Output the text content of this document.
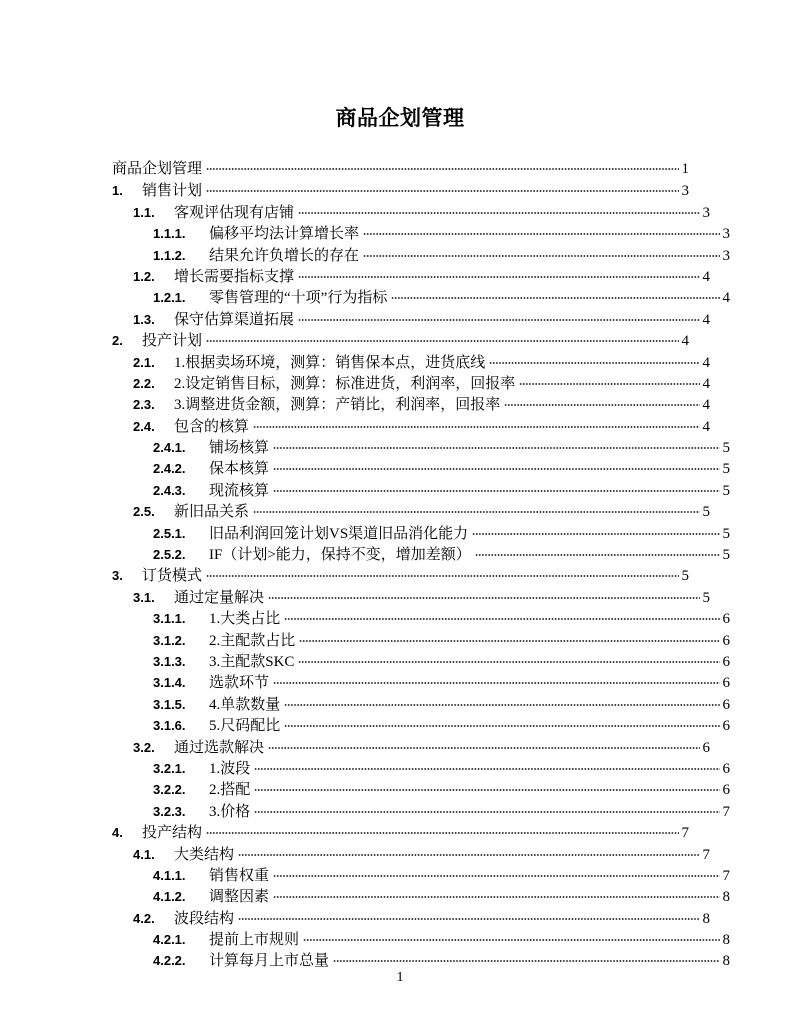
商品企划管理
商品企划管理	1
1.	销售计划	3
1.1.	客观评估现有店铺	3
1.1.1.	偏移平均法计算增长率	3
1.1.2.	结果允许负增长的存在	3
1.2.	增长需要指标支撑	4
1.2.1.	零售管理的“十项”行为指标	4
1.3.	保守估算渠道拓展	4
2.	投产计划	4
2.1.	1.根据卖场环境，测算：销售保本点，进货底线	4
2.2.	2.设定销售目标，测算：标准进货，利润率，回报率	4
2.3.	3.调整进货金额，测算：产销比，利润率，回报率	4
2.4.	包含的核算	4
2.4.1.	铺场核算	5
2.4.2.	保本核算	5
2.4.3.	现流核算	5
2.5.	新旧品关系	5
2.5.1.	旧品利润回笼计划VS渠道旧品消化能力	5
2.5.2.	IF（计划>能力，保持不变，增加差额）	5
3.	订货模式	5
3.1.	通过定量解决	5
3.1.1.	1.大类占比	6
3.1.2.	2.主配款占比	6
3.1.3.	3.主配款SKC	6
3.1.4.	选款环节	6
3.1.5.	4.单款数量	6
3.1.6.	5.尺码配比	6
3.2.	通过选款解决	6
3.2.1.	1.波段	6
3.2.2.	2.搭配	6
3.2.3.	3.价格	7
4.	投产结构	7
4.1.	大类结构	7
4.1.1.	销售权重	7
4.1.2.	调整因素	8
4.2.	波段结构	8
4.2.1.	提前上市规则	8
4.2.2.	计算每月上市总量	8
1
